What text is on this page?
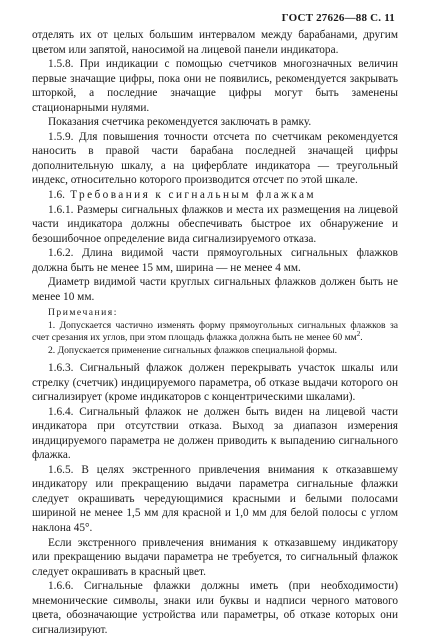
ГОСТ 27626—88 С. 11

отделять их от целых большим интервалом между барабанами, другим цветом или запятой, наносимой на лицевой панели индикатора.

1.5.8. При индикации с помощью счетчиков многозначных величин первые значащие цифры, пока они не появились, рекомендуется закрывать шторкой, а последние значащие цифры могут быть заменены стационарными нулями.

Показания счетчика рекомендуется заключать в рамку.

1.5.9. Для повышения точности отсчета по счетчикам рекомендуется наносить в правой части барабана последней значащей цифры дополнительную шкалу, а на циферблате индикатора — треугольный индекс, относительно которого производится отсчет по этой шкале.

1.6. Требования к сигнальным флажкам

1.6.1. Размеры сигнальных флажков и места их размещения на лицевой части индикатора должны обеспечивать быстрое их обнаружение и безошибочное определение вида сигнализируемого отказа.

1.6.2. Длина видимой части прямоугольных сигнальных флажков должна быть не менее 15 мм, ширина — не менее 4 мм.

Диаметр видимой части круглых сигнальных флажков должен быть не менее 10 мм.

Примечания:

1. Допускается частично изменять форму прямоугольных сигнальных флажков за счет срезания их углов, при этом площадь флажка должна быть не менее 60 $мм^2$.

2. Допускается применение сигнальных флажков специальной формы.

1.6.3. Сигнальный флажок должен перекрывать участок шкалы или стрелку (счетчик) индицируемого параметра, об отказе выдачи которого он сигнализирует (кроме индикаторов с концентрическими шкалами).

1.6.4. Сигнальный флажок не должен быть виден на лицевой части индикатора при отсутствии отказа. Выход за диапазон измерения индицируемого параметра не должен приводить к выпадению сигнального флажка.

1.6.5. В целях экстренного привлечения внимания к отказавшему индикатору или прекращению выдачи параметра сигнальные флажки следует окрашивать чередующимися красными и белыми полосами шириной не менее 1,5 мм для красной и 1,0 мм для белой полосы с углом наклона 45°.

Если экстренного привлечения внимания к отказавшему индикатору или прекращению выдачи параметра не требуется, то сигнальный флажок следует окрашивать в красный цвет.

1.6.6. Сигнальные флажки должны иметь (при необходимости) мнемонические символы, знаки или буквы и надписи черного матового цвета, обозначающие устройства или параметры, об отказе которых они сигнализируют.
